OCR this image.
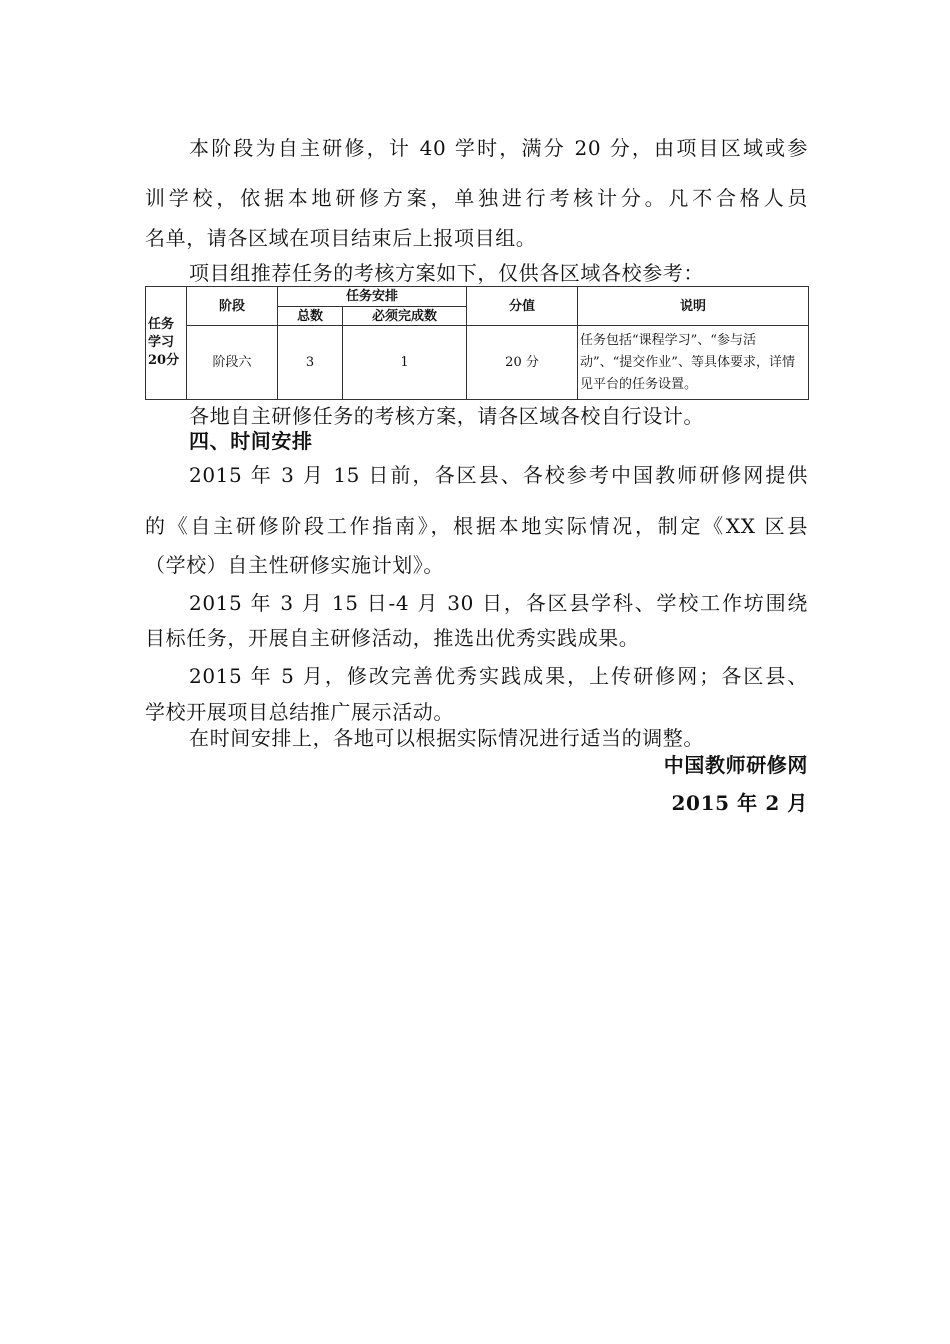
本阶段为自主研修，计 40 学时，满分 20 分，由项目区域或参
训学校，依据本地研修方案，单独进行考核计分。凡不合格人员
名单，请各区域在项目结束后上报项目组。
项目组推荐任务的考核方案如下，仅供各区域各校参考：
任务学习20分	阶段	任务安排		分值	说明
		总数	必须完成数		
	阶段六	3	1	20 分	任务包括“课程学习”、“参与活动”、“提交作业”、等具体要求，详情见平台的任务设置。
各地自主研修任务的考核方案，请各区域各校自行设计。
四、时间安排
2015 年 3 月 15 日前，各区县、各校参考中国教师研修网提供
的《自主研修阶段工作指南》，根据本地实际情况，制定《XX 区县
（学校）自主性研修实施计划》。
2015 年 3 月 15 日-4 月 30 日，各区县学科、学校工作坊围绕
目标任务，开展自主研修活动，推选出优秀实践成果。
2015 年 5 月，修改完善优秀实践成果，上传研修网；各区县、
学校开展项目总结推广展示活动。
在时间安排上，各地可以根据实际情况进行适当的调整。
中国教师研修网
2015 年 2 月
